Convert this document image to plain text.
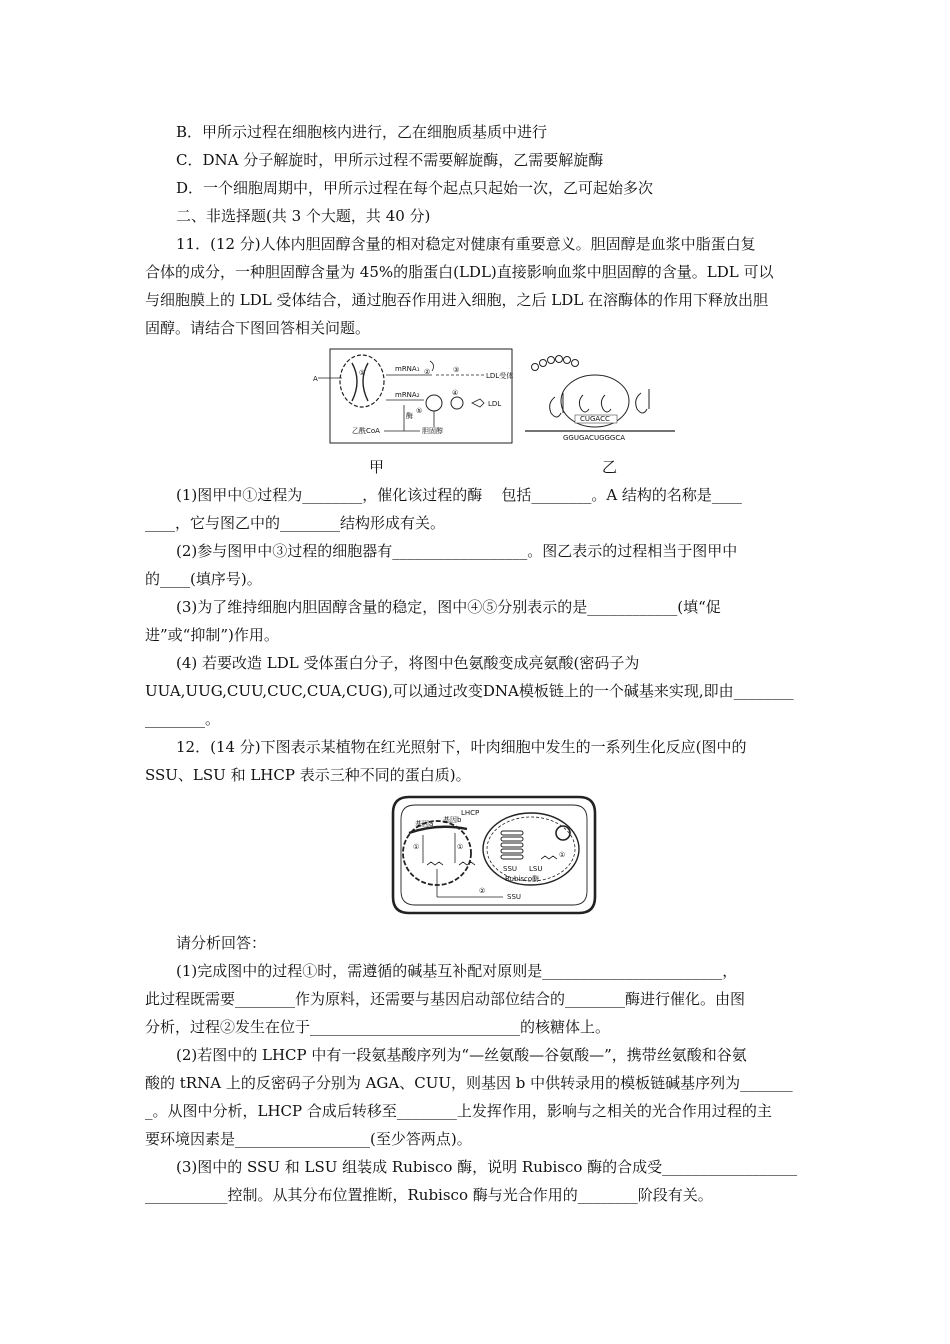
B．甲所示过程在细胞核内进行，乙在细胞质基质中进行
C．DNA 分子解旋时，甲所示过程不需要解旋酶，乙需要解旋酶
D．一个细胞周期中，甲所示过程在每个起点只起始一次，乙可起始多次
二、非选择题(共 3 个大题，共 40 分)
11．(12 分)人体内胆固醇含量的相对稳定对健康有重要意义。胆固醇是血浆中脂蛋白复
合体的成分，一种胆固醇含量为 45%的脂蛋白(LDL)直接影响血浆中胆固醇的含量。LDL 可以
与细胞膜上的 LDL 受体结合，通过胞吞作用进入细胞，之后 LDL 在溶酶体的作用下释放出胆
固醇。请结合下图回答相关问题。
A
①	mRNA₁ ②	③
LDL受体
mRNA₂	④
⑤
LDL
酶
乙酰CoA	胆固醇
CUGACC
GGUGACUGGGCA
甲	乙
(1)图甲中①过程为________，催化该过程的酶    包括________。A 结构的名称是____
____，它与图乙中的________结构形成有关。
(2)参与图甲中③过程的细胞器有__________________。图乙表示的过程相当于图甲中
的____(填序号)。
(3)为了维持细胞内胆固醇含量的稳定，图中④⑤分别表示的是____________(填“促
进”或“抑制”)作用。
(4) 若要改造 LDL 受体蛋白分子，将图中色氨酸变成亮氨酸(密码子为
UUA,UUG,CUU,CUC,CUA,CUG),可以通过改变DNA模板链上的一个碱基来实现,即由________
________。
12．(14 分)下图表示某植物在红光照射下，叶肉细胞中发生的一系列生化反应(图中的
SSU、LSU 和 LHCP 表示三种不同的蛋白质)。
基因a 基因b
LHCP
①	①
②
SSU
①
LSU
SSU
Rubisco酶
请分析回答：
(1)完成图中的过程①时，需遵循的碱基互补配对原则是________________________，
此过程既需要________作为原料，还需要与基因启动部位结合的________酶进行催化。由图
分析，过程②发生在位于____________________________的核糖体上。
(2)若图中的 LHCP 中有一段氨基酸序列为“—丝氨酸—谷氨酸—”，携带丝氨酸和谷氨
酸的 tRNA 上的反密码子分别为 AGA、CUU，则基因 b 中供转录用的模板链碱基序列为_______
_。从图中分析，LHCP 合成后转移至________上发挥作用，影响与之相关的光合作用过程的主
要环境因素是__________________(至少答两点)。
(3)图中的 SSU 和 LSU 组装成 Rubisco 酶，说明 Rubisco 酶的合成受__________________
___________控制。从其分布位置推断，Rubisco 酶与光合作用的________阶段有关。
